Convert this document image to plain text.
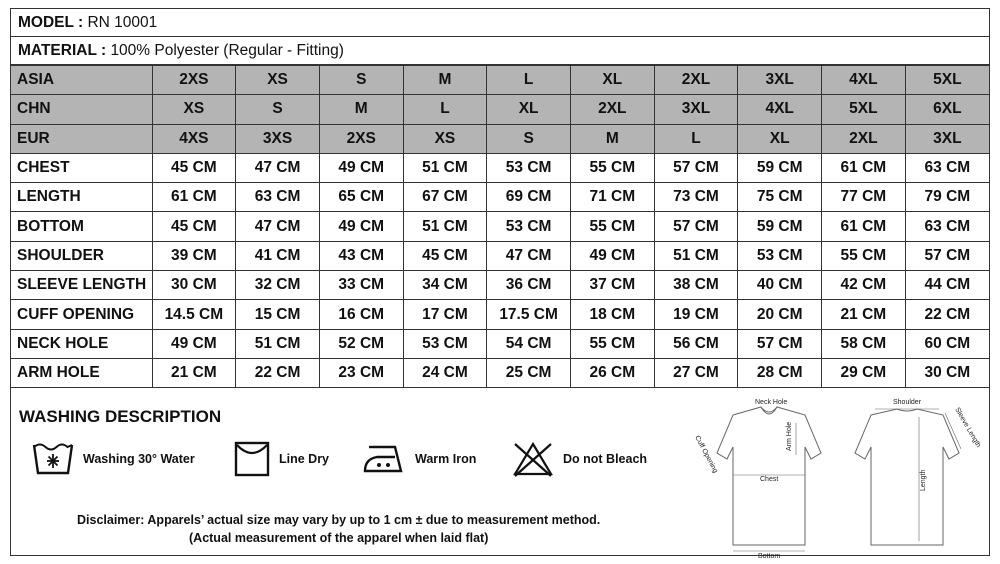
MODEL : RN 10001
MATERIAL : 100% Polyester (Regular - Fitting)
ASIA	2XS	XS	S	M	L	XL	2XL	3XL	4XL	5XL
CHN	XS	S	M	L	XL	2XL	3XL	4XL	5XL	6XL
EUR	4XS	3XS	2XS	XS	S	M	L	XL	2XL	3XL
CHEST	45 CM	47 CM	49 CM	51 CM	53 CM	55 CM	57 CM	59 CM	61 CM	63 CM
LENGTH	61 CM	63 CM	65 CM	67 CM	69 CM	71 CM	73 CM	75 CM	77 CM	79 CM
BOTTOM	45 CM	47 CM	49 CM	51 CM	53 CM	55 CM	57 CM	59 CM	61 CM	63 CM
SHOULDER	39 CM	41 CM	43 CM	45 CM	47 CM	49 CM	51 CM	53 CM	55 CM	57 CM
SLEEVE LENGTH	30 CM	32 CM	33 CM	34 CM	36 CM	37 CM	38 CM	40 CM	42 CM	44 CM
CUFF OPENING	14.5 CM	15 CM	16 CM	17 CM	17.5 CM	18 CM	19 CM	20 CM	21 CM	22 CM
NECK HOLE	49 CM	51 CM	52 CM	53 CM	54 CM	55 CM	56 CM	57 CM	58 CM	60 CM
ARM HOLE	21 CM	22 CM	23 CM	24 CM	25 CM	26 CM	27 CM	28 CM	29 CM	30 CM
WASHING DESCRIPTION
Washing 30° Water	Line Dry	Warm Iron	Do not Bleach
Disclaimer: Apparels’ actual size may vary by up to 1 cm ± due to measurement method.
(Actual measurement of the apparel when laid flat)
Neck Hole
Chest
Bottom
Arm Hole
Cuff Opening
Shoulder
Sleeve Length
Length
